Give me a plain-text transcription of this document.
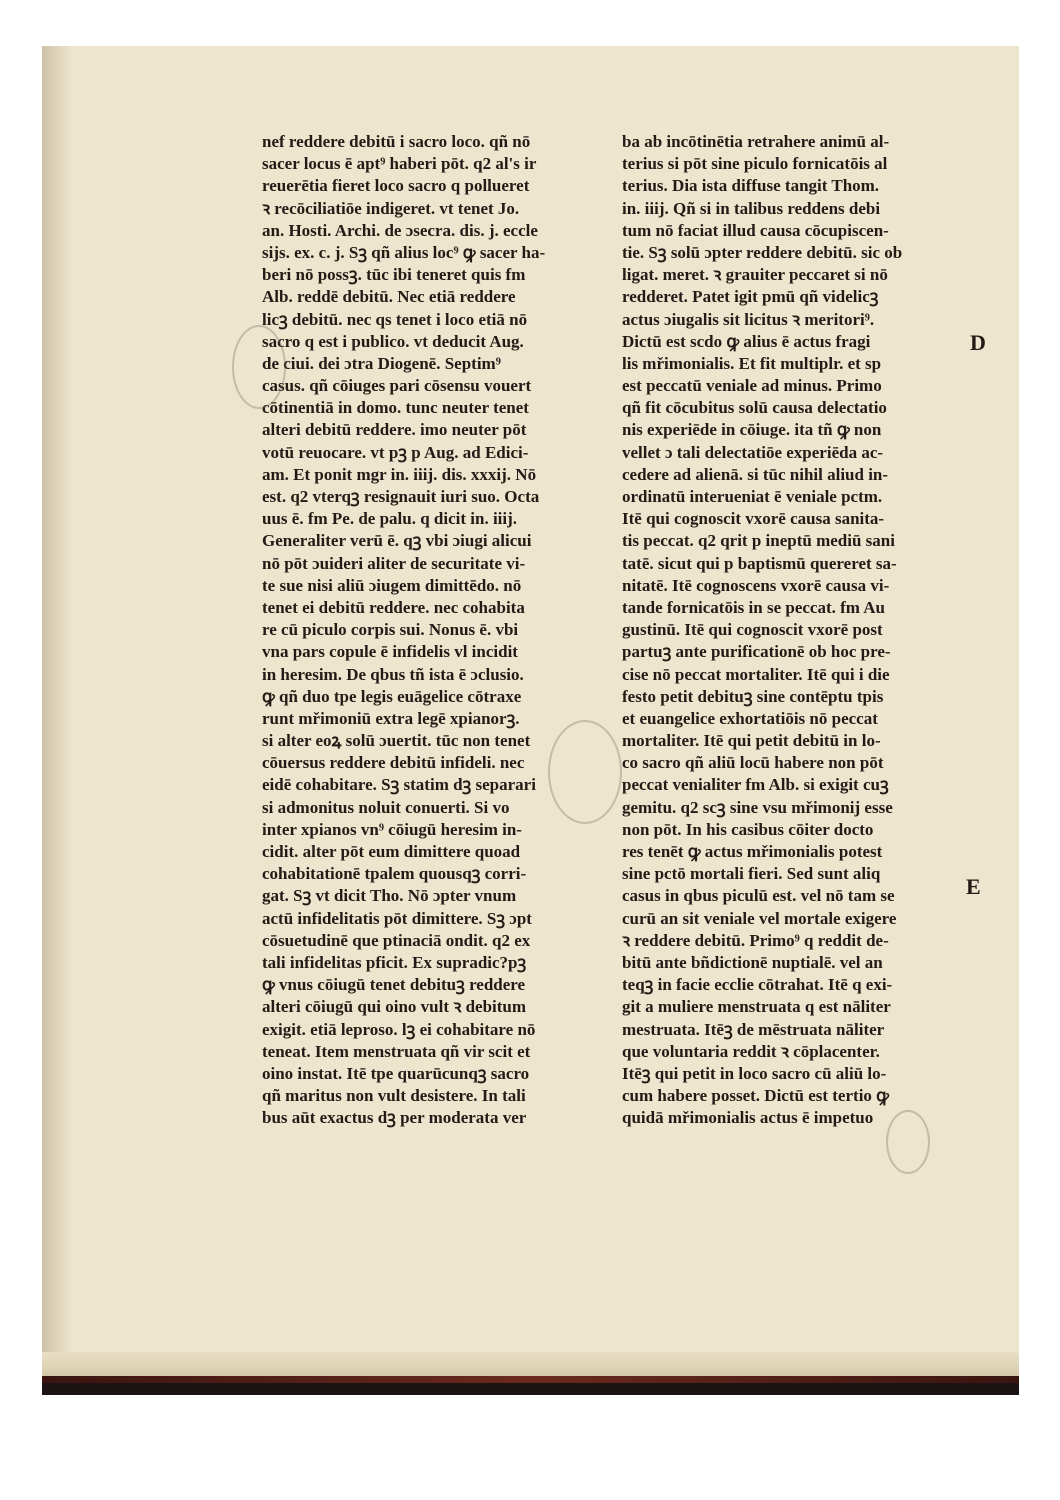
nef reddere debitū i sacro loco. qñ nō
sacer locus ē apt⁹ haberi pōt. q2 al's ir
reuerētia fieret loco sacro q pollueret
ꝛ recōciliatiōe indigeret. vt tenet Jo.
an. Hosti. Archi. de ɔsecra. dis. j. eccle
sijs. ex. c. j. Sꝫ qñ alius loc⁹ ꝙ sacer ha-
beri nō possꝫ. tūc ibi teneret quis fm
Alb. reddē debitū. Nec etiā reddere
licꝫ debitū. nec qs tenet i loco etiā nō
sacro q est i publico. vt deducit Aug.
de ciui. dei ɔtra Diogenē. Septim⁹
casus. qñ cōiuges pari cōsensu vouert
cōtinentiā in domo. tunc neuter tenet
alteri debitū reddere. imo neuter pōt
votū reuocare. vt pꝫ p Aug. ad Edici-
am. Et ponit mgr in. iiij. dis. xxxij. Nō
est. q2 vterqꝫ resignauit iuri suo. Octa
uus ē. fm Pe. de palu. q dicit in. iiij.
Generaliter verū ē. qꝫ vbi ɔiugi alicui
nō pōt ɔuideri aliter de securitate vi-
te sue nisi aliū ɔiugem dimittēdo. nō
tenet ei debitū reddere. nec cohabita
re cū piculo corpis sui. Nonus ē. vbi
vna pars copule ē infidelis vl incidit
in heresim. De qbus tñ ista ē ɔclusio.
ꝙ qñ duo tpe legis euāgelice cōtraxe
runt mřimoniū extra legē xpianorꝫ.
si alter eoꝝ solū ɔuertit. tūc non tenet
cōuersus reddere debitū infideli. nec
eidē cohabitare. Sꝫ statim dꝫ separari
si admonitus noluit conuerti. Si vo
inter xpianos vn⁹ cōiugū heresim in-
cidit. alter pōt eum dimittere quoad
cohabitationē tpalem quousqꝫ corri-
gat. Sꝫ vt dicit Tho. Nō ɔpter vnum
actū infidelitatis pōt dimittere. Sꝫ ɔpt
cōsuetudinē que ptinaciā ondit. q2 ex
tali infidelitas pficit. Ex supradic?pꝫ
ꝙ vnus cōiugū tenet debituꝫ reddere
alteri cōiugū qui oino vult ꝛ debitum
exigit. etiā leproso. lꝫ ei cohabitare nō
teneat. Item menstruata qñ vir scit et
oino instat. Itē tpe quarūcunqꝫ sacro
qñ maritus non vult desistere. In tali
bus aūt exactus dꝫ per moderata ver
ba ab incōtinētia retrahere animū al-
terius si pōt sine piculo fornicatōis al
terius. Dia ista diffuse tangit Thom.
in. iiij. Qñ si in talibus reddens debi
tum nō faciat illud causa cōcupiscen-
tie. Sꝫ solū ɔpter reddere debitū. sic ob
ligat. meret. ꝛ grauiter peccaret si nō
redderet. Patet igit pmū qñ videlicꝫ
actus ɔiugalis sit licitus ꝛ meritori⁹.
Dictū est scdo ꝙ alius ē actus fragi
lis mřimonialis. Et fit multiplr. et sp
est peccatū veniale ad minus. Primo
qñ fit cōcubitus solū causa delectatio
nis experiēde in cōiuge. ita tñ ꝙ non
vellet ɔ tali delectatiōe experiēda ac-
cedere ad alienā. si tūc nihil aliud in-
ordinatū interueniat ē veniale pctm.
Itē qui cognoscit vxorē causa sanita-
tis peccat. q2 qrit p ineptū mediū sani
tatē. sicut qui p baptismū quereret sa-
nitatē. Itē cognoscens vxorē causa vi-
tande fornicatōis in se peccat. fm Au
gustinū. Itē qui cognoscit vxorē post
partuꝫ ante purificationē ob hoc pre-
cise nō peccat mortaliter. Itē qui i die
festo petit debituꝫ sine contēptu tpis
et euangelice exhortatiōis nō peccat
mortaliter. Itē qui petit debitū in lo-
co sacro qñ aliū locū habere non pōt
peccat venialiter fm Alb. si exigit cuꝫ
gemitu. q2 scꝫ sine vsu mřimonij esse
non pōt. In his casibus cōiter docto
res tenēt ꝙ actus mřimonialis potest
sine pctō mortali fieri. Sed sunt aliq
casus in qbus piculū est. vel nō tam se
curū an sit veniale vel mortale exigere
ꝛ reddere debitū. Primo⁹ q reddit de-
bitū ante bñdictionē nuptialē. vel an
teqꝫ in facie ecclie cōtrahat. Itē q exi-
git a muliere menstruata q est nāliter
mestruata. Itēꝫ de mēstruata nāliter
que voluntaria reddit ꝛ cōplacenter.
Itēꝫ qui petit in loco sacro cū aliū lo-
cum habere posset. Dictū est tertio ꝙ
quidā mřimonialis actus ē impetuo
D
E
